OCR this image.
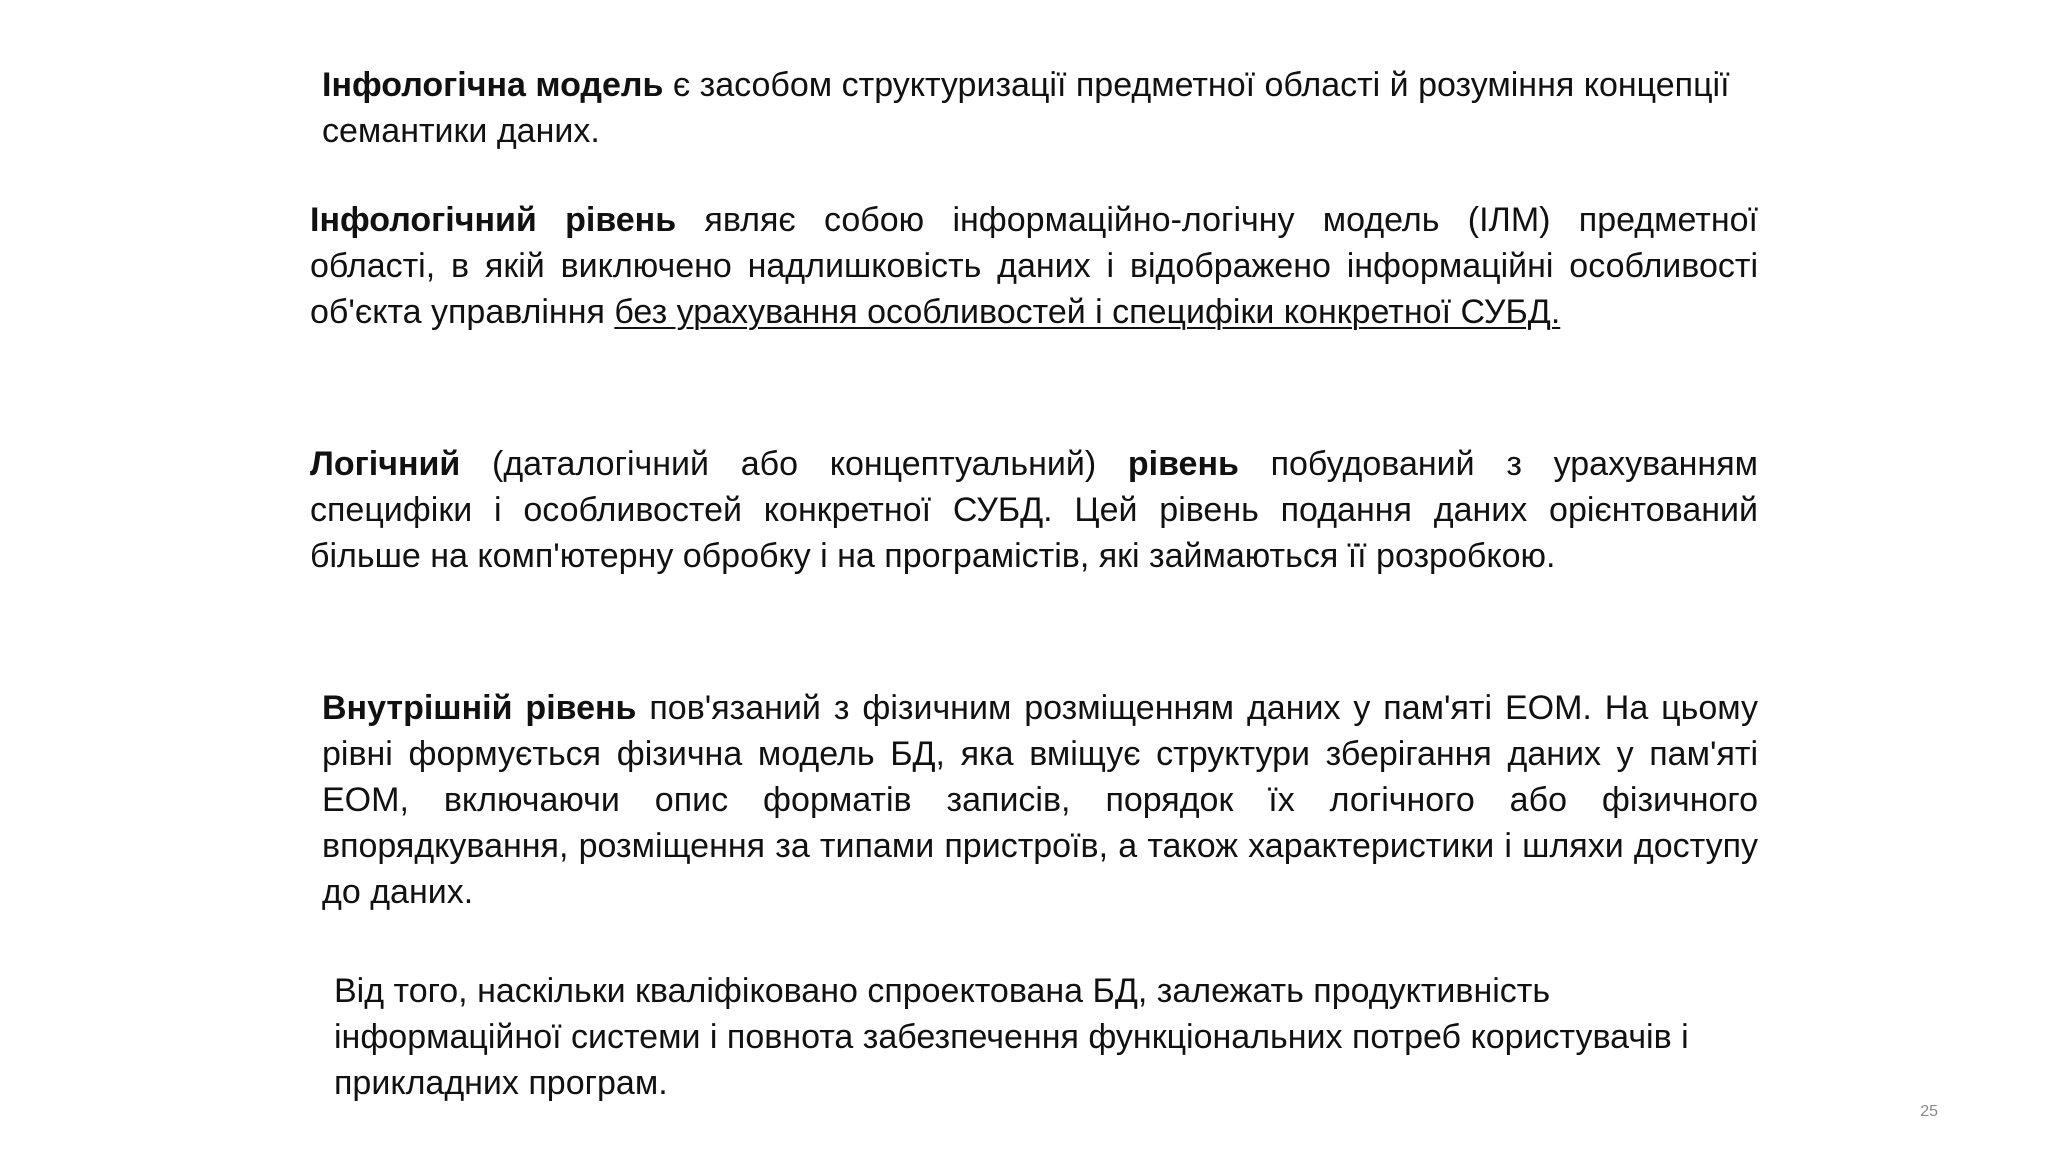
Інфологічна модель є засобом структуризації предметної області й розуміння концепції семантики даних.

Інфологічний рівень являє собою інформаційно-логічну модель (ІЛМ) предметної області, в якій виключено надлишковість даних і відображено інформаційні особливості об'єкта управління без урахування особливостей і специфіки конкретної СУБД.

Логічний (даталогічний або концептуальний) рівень побудований з урахуванням специфіки і особливостей конкретної СУБД. Цей рівень подання даних орієнтований більше на комп'ютерну обробку і на програмістів, які займаються її розробкою.

Внутрішній рівень пов'язаний з фізичним розміщенням даних у пам'яті ЕОМ. На цьому рівні формується фізична модель БД, яка вміщує структури зберігання даних у пам'яті ЕОМ, включаючи опис форматів записів, порядок їх логічного або фізичного впорядкування, розміщення за типами пристроїв, а також характеристики і шляхи доступу до даних.

Від того, наскільки кваліфіковано спроектована БД, залежать продуктивність інформаційної системи і повнота забезпечення функціональних потреб користувачів і прикладних програм.

25
